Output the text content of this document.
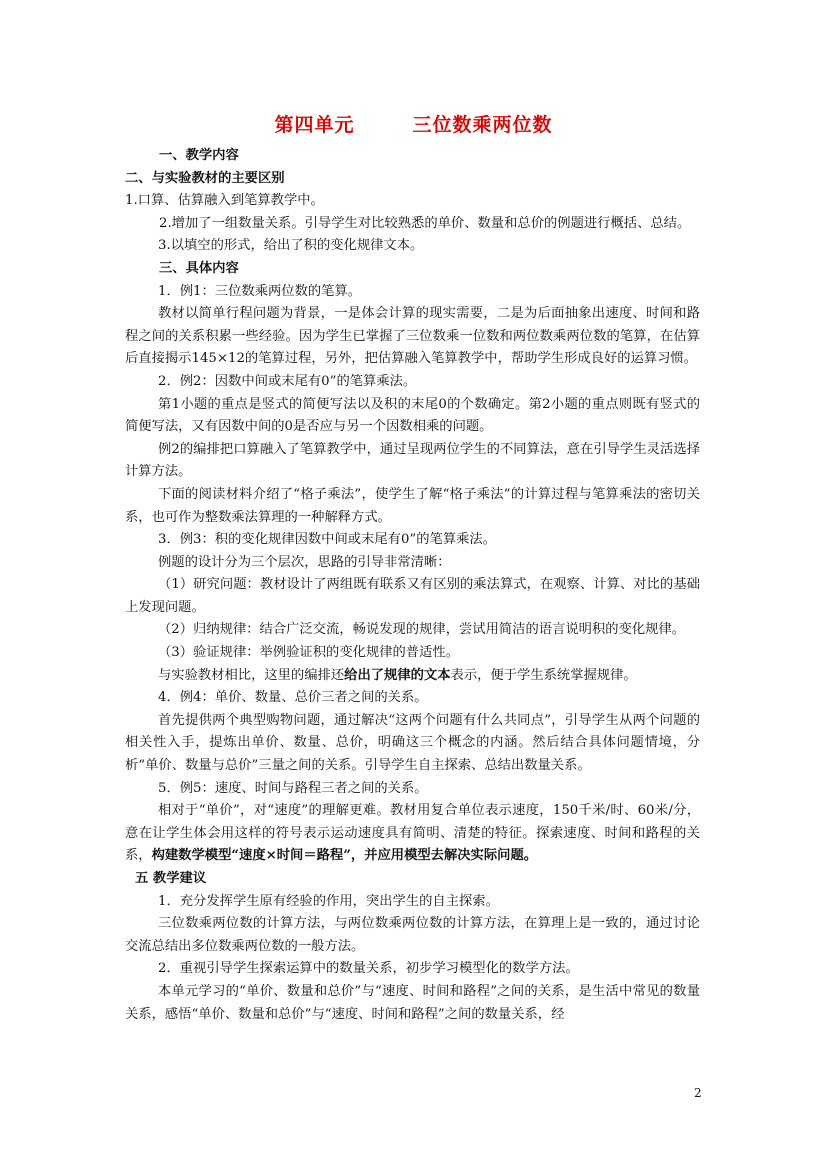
第四单元	三位数乘两位数

一、教学内容

二、与实验教材的主要区别

1.口算、估算融入到笔算教学中。

2.增加了一组数量关系。引导学生对比较熟悉的单价、数量和总价的例题进行概括、总结。

3.以填空的形式，给出了积的变化规律文本。

三、具体内容

1．例1：三位数乘两位数的笔算。

教材以简单行程问题为背景，一是体会计算的现实需要，二是为后面抽象出速度、时间和路程之间的关系积累一些经验。因为学生已掌握了三位数乘一位数和两位数乘两位数的笔算，在估算后直接揭示145×12的笔算过程，另外，把估算融入笔算教学中，帮助学生形成良好的运算习惯。

2．例2：因数中间或末尾有0”的笔算乘法。

第1小题的重点是竖式的简便写法以及积的末尾0的个数确定。第2小题的重点则既有竖式的简便写法，又有因数中间的0是否应与另一个因数相乘的问题。

例2的编排把口算融入了笔算教学中，通过呈现两位学生的不同算法，意在引导学生灵活选择计算方法。

下面的阅读材料介绍了“格子乘法”，使学生了解“格子乘法”的计算过程与笔算乘法的密切关系，也可作为整数乘法算理的一种解释方式。

3．例3：积的变化规律因数中间或末尾有0”的笔算乘法。

例题的设计分为三个层次，思路的引导非常清晰：

（1）研究问题：教材设计了两组既有联系又有区别的乘法算式，在观察、计算、对比的基础上发现问题。

（2）归纳规律：结合广泛交流，畅说发现的规律，尝试用简洁的语言说明积的变化规律。

（3）验证规律：举例验证积的变化规律的普适性。

与实验教材相比，这里的编排还给出了规律的文本表示，便于学生系统掌握规律。

4．例4：单价、数量、总价三者之间的关系。

首先提供两个典型购物问题，通过解决“这两个问题有什么共同点”，引导学生从两个问题的相关性入手，提炼出单价、数量、总价，明确这三个概念的内涵。然后结合具体问题情境，分析“单价、数量与总价”三量之间的关系。引导学生自主探索、总结出数量关系。

5．例5：速度、时间与路程三者之间的关系。

相对于“单价”，对“速度”的理解更难。教材用复合单位表示速度，150千米/时、60米/分，意在让学生体会用这样的符号表示运动速度具有简明、清楚的特征。探索速度、时间和路程的关系，构建数学模型“速度×时间＝路程”，并应用模型去解决实际问题。

五 教学建议

1．充分发挥学生原有经验的作用，突出学生的自主探索。

三位数乘两位数的计算方法，与两位数乘两位数的计算方法，在算理上是一致的，通过讨论交流总结出多位数乘两位数的一般方法。

2．重视引导学生探索运算中的数量关系，初步学习模型化的数学方法。

本单元学习的“单价、数量和总价”与“速度、时间和路程”之间的关系，是生活中常见的数量关系，感悟“单价、数量和总价”与“速度、时间和路程”之间的数量关系，经

2
